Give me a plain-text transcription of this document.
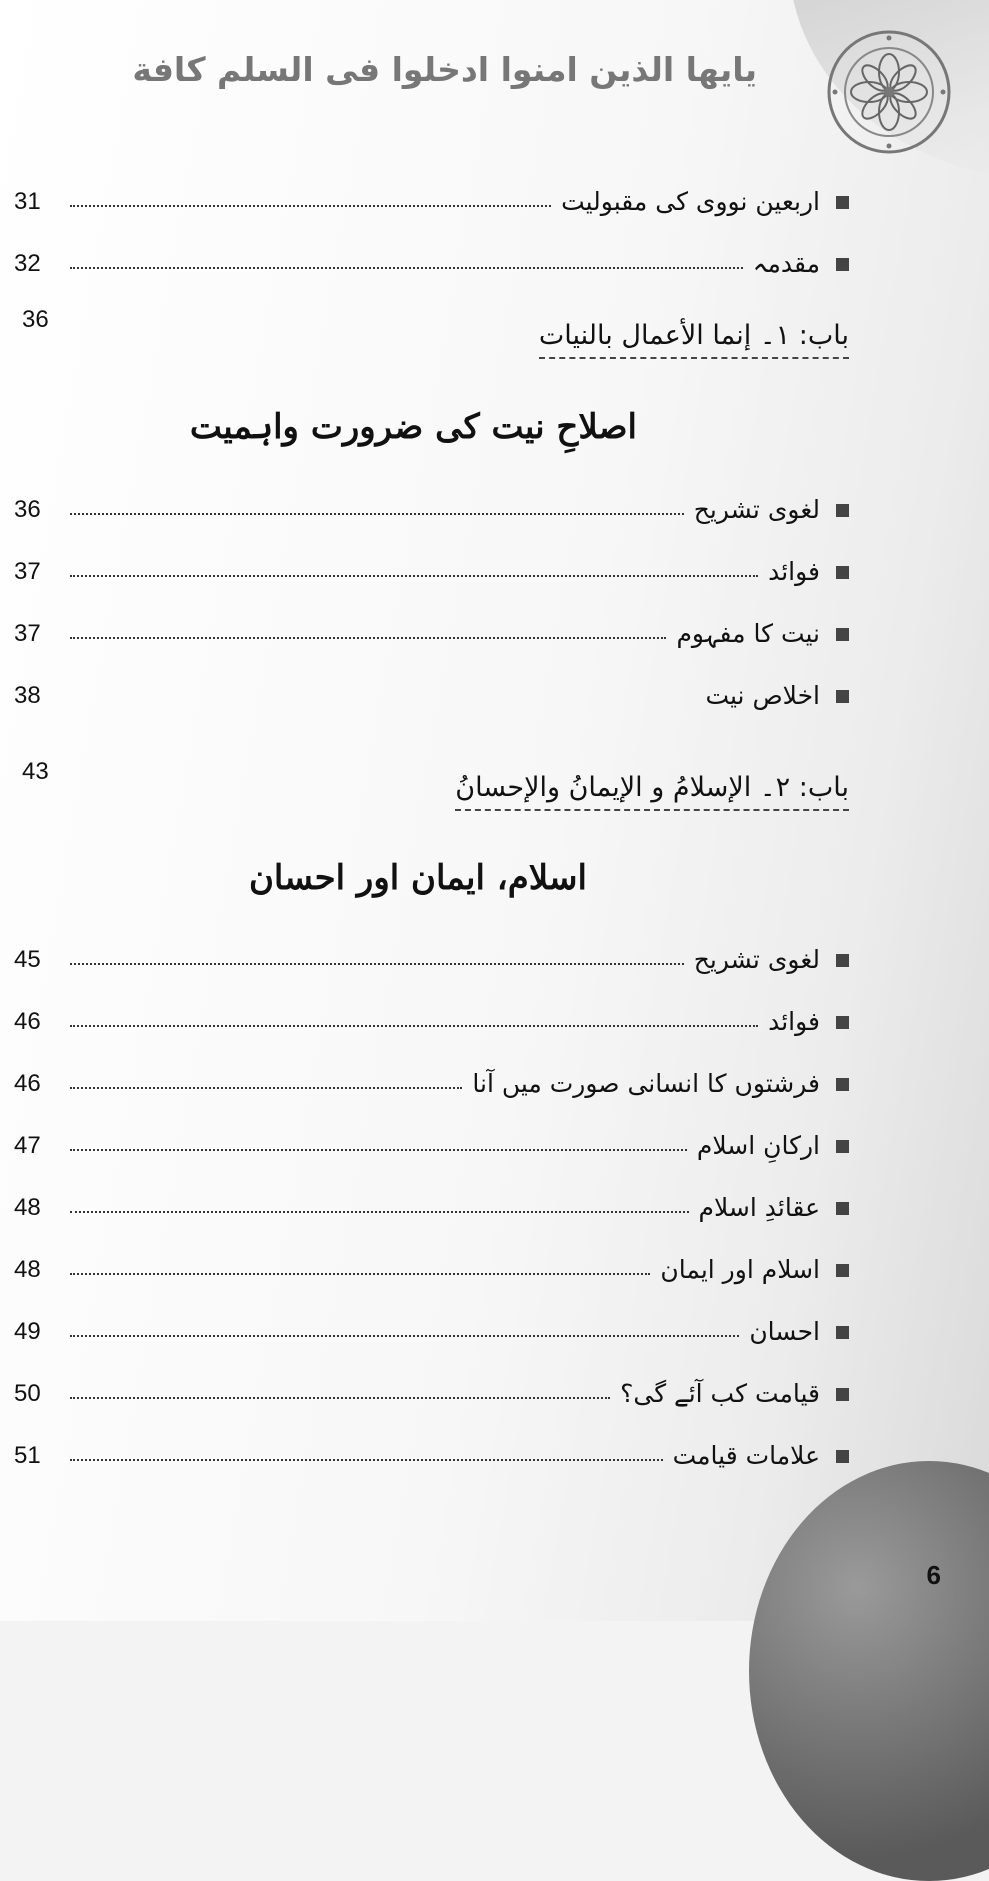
يايها الذين امنوا ادخلوا فى السلم كافة
31	اربعین نووی کی مقبولیت
32	مقدمہ
36
باب: ۱۔ إنما الأعمال بالنيات
اصلاحِ نیت کی ضرورت واہمیت
36	لغوی تشریح
37	فوائد
37	نیت کا مفہوم
38	اخلاص نیت
43
باب: ۲۔ الإسلامُ و الإيمانُ والإحسانُ
اسلام، ایمان اور احسان
45	لغوی تشریح
46	فوائد
46	فرشتوں کا انسانی صورت میں آنا
47	ارکانِ اسلام
48	عقائدِ اسلام
48	اسلام اور ایمان
49	احسان
50	قیامت کب آئے گی؟
51	علامات قیامت
6
